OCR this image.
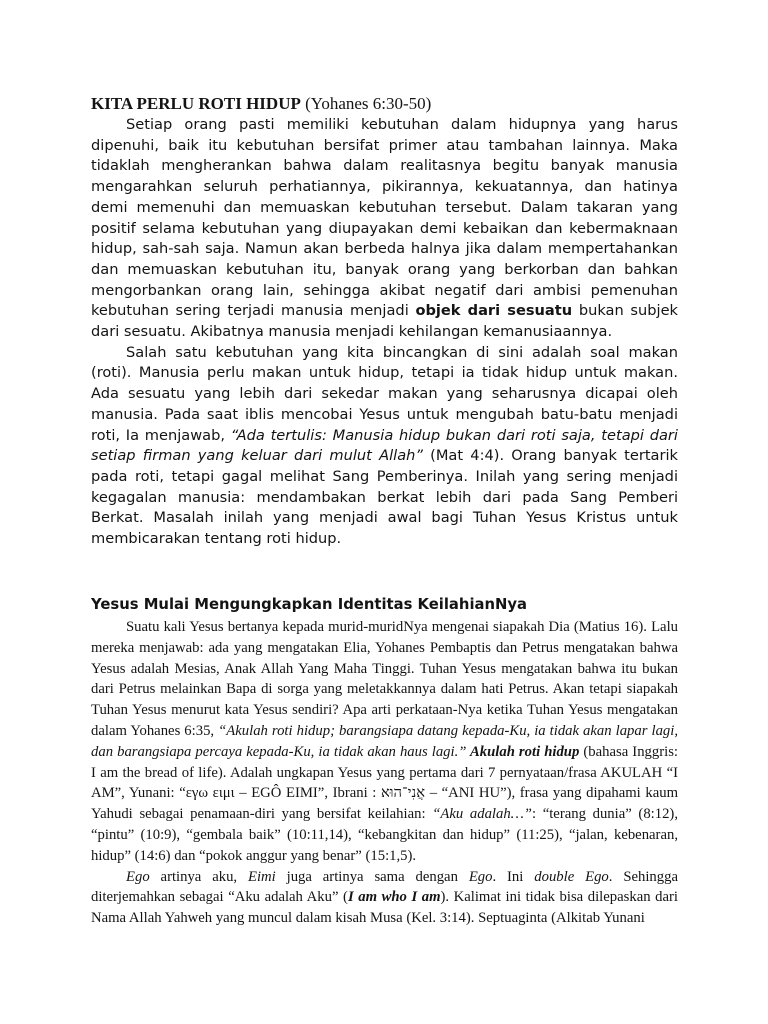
KITA PERLU ROTI HIDUP (Yohanes 6:30-50)

Setiap orang pasti memiliki kebutuhan dalam hidupnya yang harus dipenuhi, baik itu kebutuhan bersifat primer atau tambahan lainnya. Maka tidaklah mengherankan bahwa dalam realitasnya begitu banyak manusia mengarahkan seluruh perhatiannya, pikirannya, kekuatannya, dan hatinya demi memenuhi dan memuaskan kebutuhan tersebut. Dalam takaran yang positif selama kebutuhan yang diupayakan demi kebaikan dan kebermaknaan hidup, sah-sah saja. Namun akan berbeda halnya jika dalam mempertahankan dan memuaskan kebutuhan itu, banyak orang yang berkorban dan bahkan mengorbankan orang lain, sehingga akibat negatif dari ambisi pemenuhan kebutuhan sering terjadi manusia menjadi objek dari sesuatu bukan subjek dari sesuatu. Akibatnya manusia menjadi kehilangan kemanusiaannya.

Salah satu kebutuhan yang kita bincangkan di sini adalah soal makan (roti). Manusia perlu makan untuk hidup, tetapi ia tidak hidup untuk makan. Ada sesuatu yang lebih dari sekedar makan yang seharusnya dicapai oleh manusia. Pada saat iblis mencobai Yesus untuk mengubah batu-batu menjadi roti, Ia menjawab, “Ada tertulis: Manusia hidup bukan dari roti saja, tetapi dari setiap firman yang keluar dari mulut Allah” (Mat 4:4). Orang banyak tertarik pada roti, tetapi gagal melihat Sang Pemberinya. Inilah yang sering menjadi kegagalan manusia: mendambakan berkat lebih dari pada Sang Pemberi Berkat. Masalah inilah yang menjadi awal bagi Tuhan Yesus Kristus untuk membicarakan tentang roti hidup.

Yesus Mulai Mengungkapkan Identitas KeilahianNya

Suatu kali Yesus bertanya kepada murid-muridNya mengenai siapakah Dia (Matius 16). Lalu mereka menjawab: ada yang mengatakan Elia, Yohanes Pembaptis dan Petrus mengatakan bahwa Yesus adalah Mesias, Anak Allah Yang Maha Tinggi. Tuhan Yesus mengatakan bahwa itu bukan dari Petrus melainkan Bapa di sorga yang meletakkannya dalam hati Petrus. Akan tetapi siapakah Tuhan Yesus menurut kata Yesus sendiri? Apa arti perkataan-Nya ketika Tuhan Yesus mengatakan dalam Yohanes 6:35, “Akulah roti hidup; barangsiapa datang kepada-Ku, ia tidak akan lapar lagi, dan barangsiapa percaya kepada-Ku, ia tidak akan haus lagi.” Akulah roti hidup (bahasa Inggris: I am the bread of life). Adalah ungkapan Yesus yang pertama dari 7 pernyataan/frasa AKULAH “I AM”, Yunani: “εγω ειμι – EGÔ EIMI”, Ibrani : אֲנִי־הוּא – “ANI HU”), frasa yang dipahami kaum Yahudi sebagai penamaan-diri yang bersifat keilahian: “Aku adalah…”: “terang dunia” (8:12), “pintu” (10:9), “gembala baik” (10:11,14), “kebangkitan dan hidup” (11:25), “jalan, kebenaran, hidup” (14:6) dan “pokok anggur yang benar” (15:1,5).

Ego artinya aku, Eimi juga artinya sama dengan Ego. Ini double Ego. Sehingga diterjemahkan sebagai “Aku adalah Aku” (I am who I am). Kalimat ini tidak bisa dilepaskan dari Nama Allah Yahweh yang muncul dalam kisah Musa (Kel. 3:14). Septuaginta (Alkitab Yunani
